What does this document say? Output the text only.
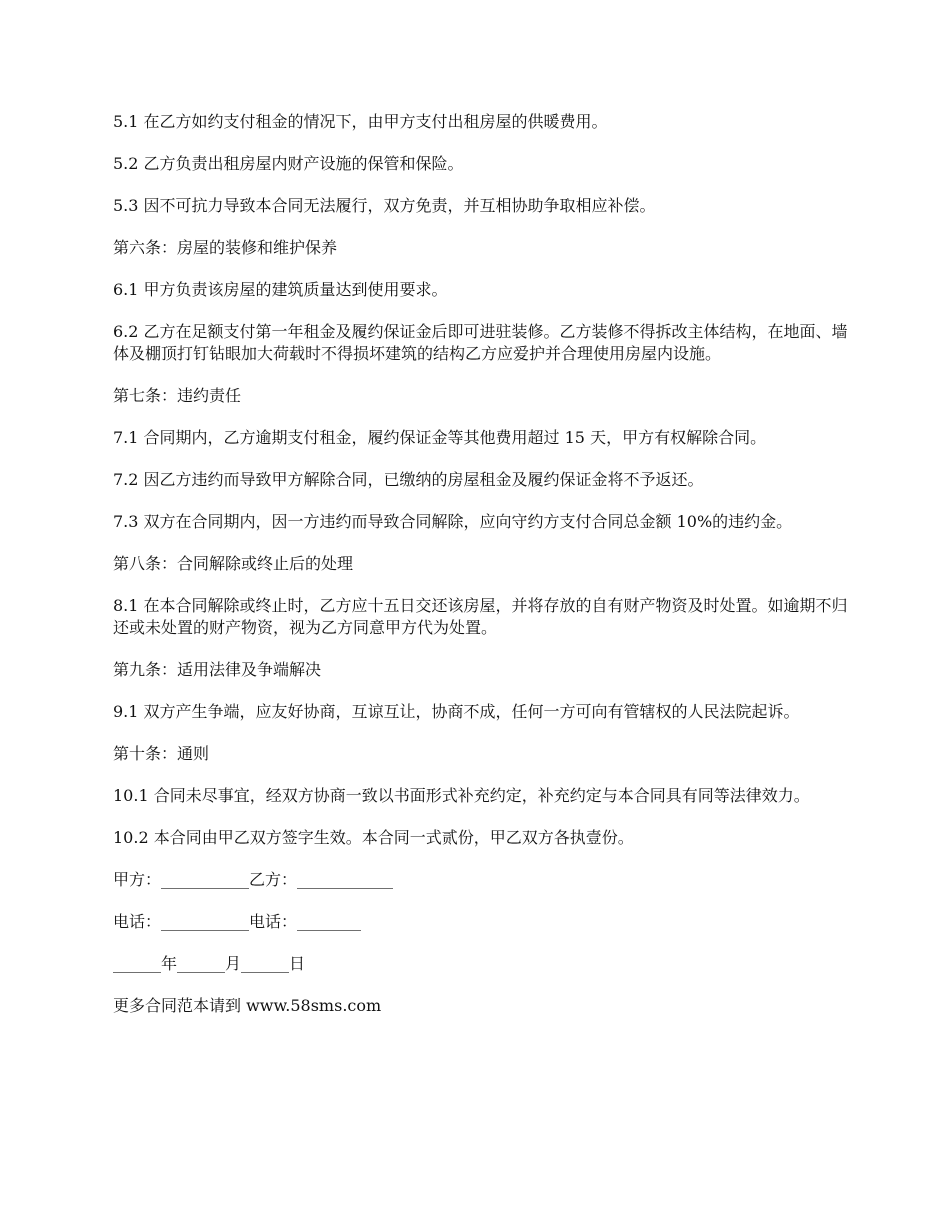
5.1 在乙方如约支付租金的情况下，由甲方支付出租房屋的供暖费用。

5.2 乙方负责出租房屋内财产设施的保管和保险。

5.3 因不可抗力导致本合同无法履行，双方免责，并互相协助争取相应补偿。

第六条：房屋的装修和维护保养

6.1 甲方负责该房屋的建筑质量达到使用要求。

6.2 乙方在足额支付第一年租金及履约保证金后即可进驻装修。乙方装修不得拆改主体结构，在地面、墙体及棚顶打钉钻眼加大荷载时不得损坏建筑的结构乙方应爱护并合理使用房屋内设施。

第七条：违约责任

7.1 合同期内，乙方逾期支付租金，履约保证金等其他费用超过 15 天，甲方有权解除合同。

7.2 因乙方违约而导致甲方解除合同，已缴纳的房屋租金及履约保证金将不予返还。

7.3 双方在合同期内，因一方违约而导致合同解除，应向守约方支付合同总金额 10%的违约金。

第八条：合同解除或终止后的处理

8.1 在本合同解除或终止时，乙方应十五日交还该房屋，并将存放的自有财产物资及时处置。如逾期不归还或未处置的财产物资，视为乙方同意甲方代为处置。

第九条：适用法律及争端解决

9.1 双方产生争端，应友好协商，互谅互让，协商不成，任何一方可向有管辖权的人民法院起诉。

第十条：通则

10.1 合同未尽事宜，经双方协商一致以书面形式补充约定，补充约定与本合同具有同等法律效力。

10.2 本合同由甲乙双方签字生效。本合同一式贰份，甲乙双方各执壹份。

甲方：___________乙方：____________

电话：___________电话：________

______年______月______日

更多合同范本请到 www.58sms.com
